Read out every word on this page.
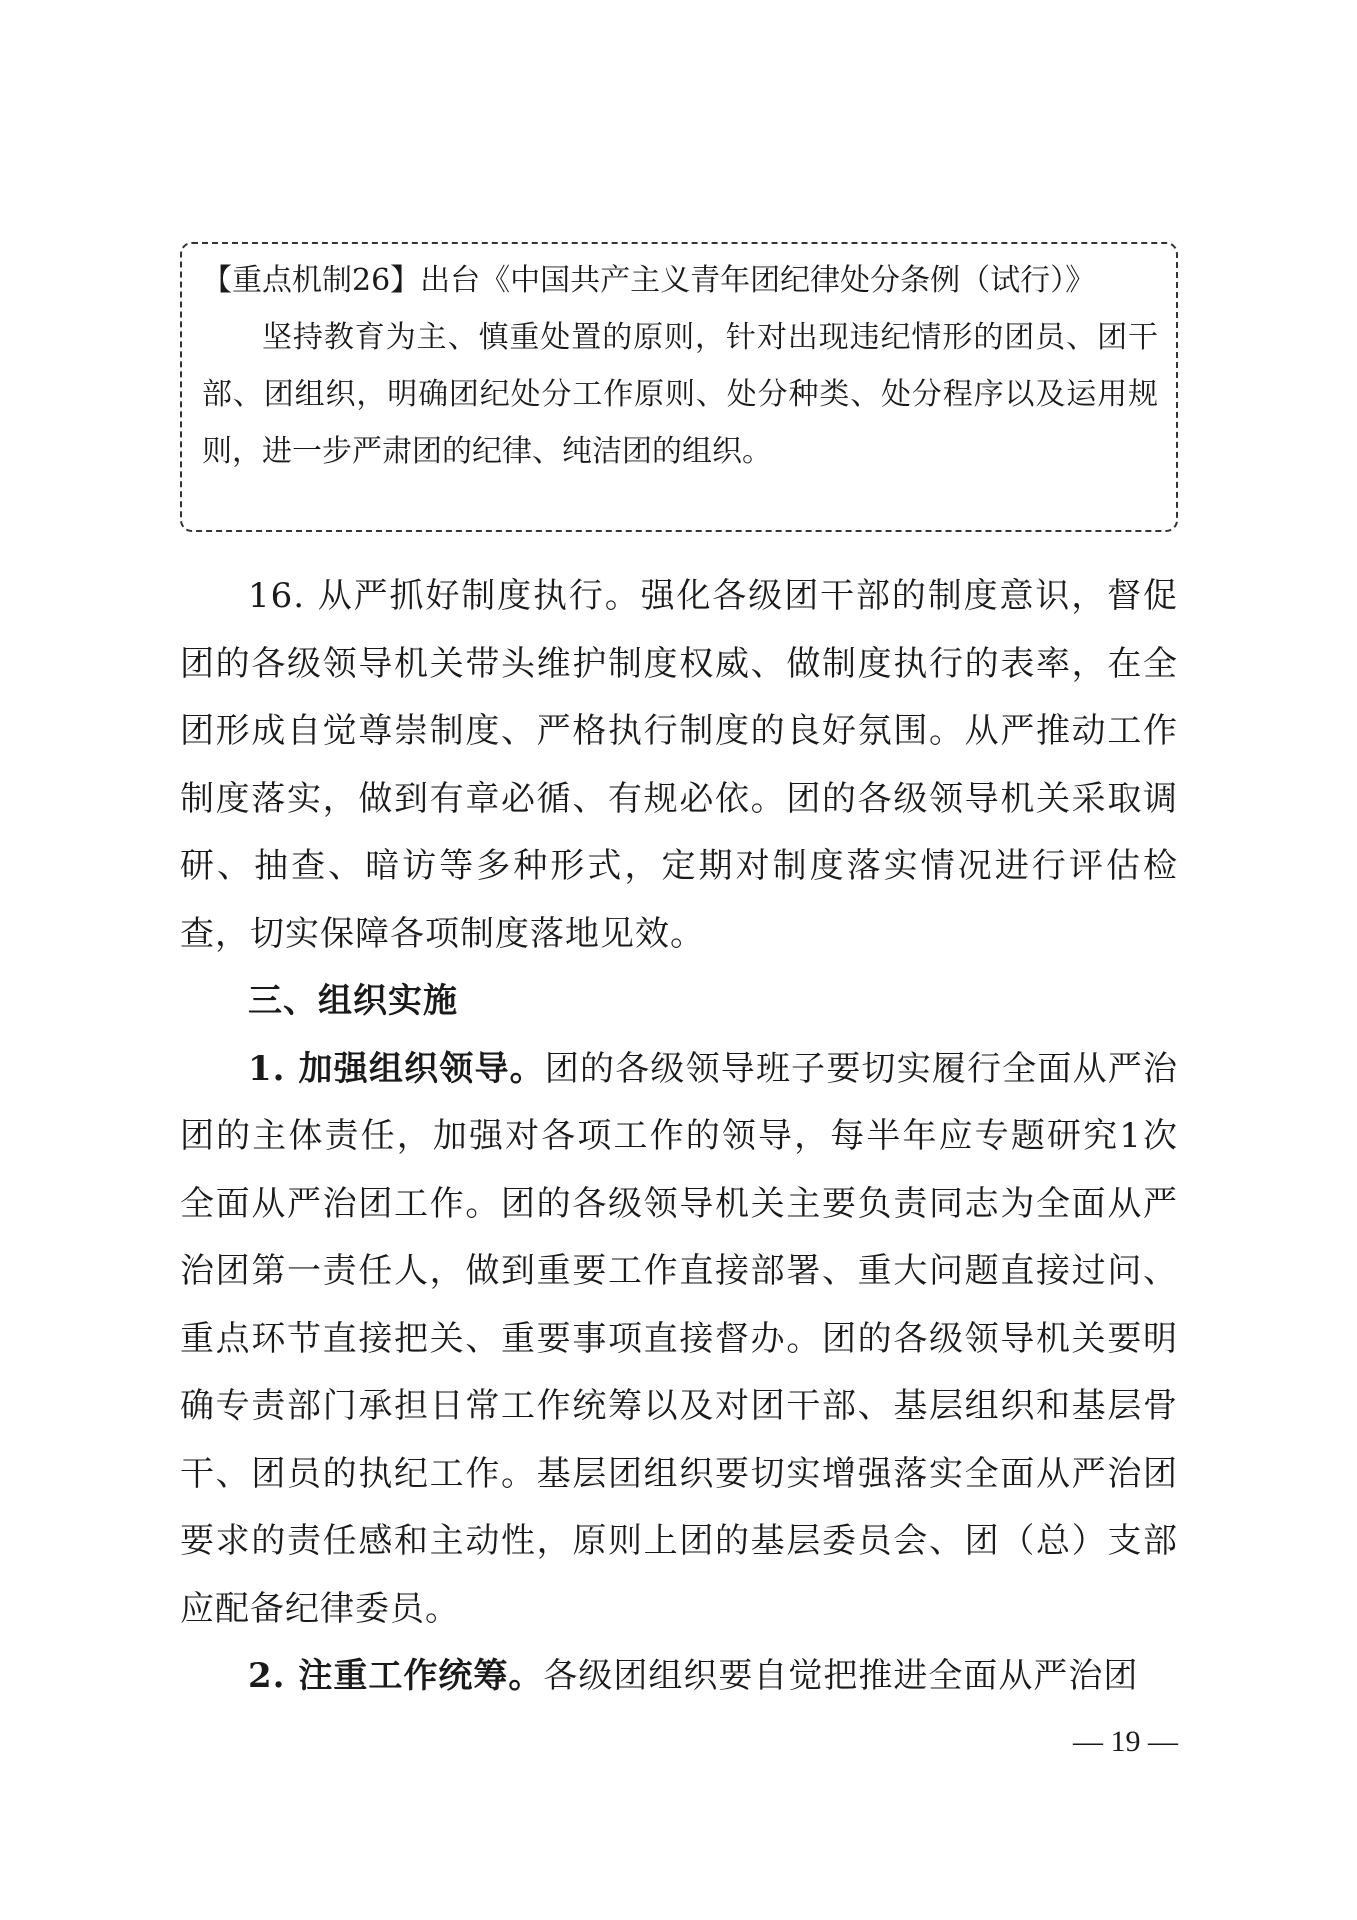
【重点机制26】出台《中国共产主义青年团纪律处分条例（试行）》

坚持教育为主、慎重处置的原则，针对出现违纪情形的团员、团干部、团组织，明确团纪处分工作原则、处分种类、处分程序以及运用规则，进一步严肃团的纪律、纯洁团的组织。

16. 从严抓好制度执行。强化各级团干部的制度意识，督促团的各级领导机关带头维护制度权威、做制度执行的表率，在全团形成自觉尊崇制度、严格执行制度的良好氛围。从严推动工作制度落实，做到有章必循、有规必依。团的各级领导机关采取调研、抽查、暗访等多种形式，定期对制度落实情况进行评估检查，切实保障各项制度落地见效。

三、组织实施

1. 加强组织领导。团的各级领导班子要切实履行全面从严治团的主体责任，加强对各项工作的领导，每半年应专题研究1次全面从严治团工作。团的各级领导机关主要负责同志为全面从严治团第一责任人，做到重要工作直接部署、重大问题直接过问、重点环节直接把关、重要事项直接督办。团的各级领导机关要明确专责部门承担日常工作统筹以及对团干部、基层组织和基层骨干、团员的执纪工作。基层团组织要切实增强落实全面从严治团要求的责任感和主动性，原则上团的基层委员会、团（总）支部应配备纪律委员。

2. 注重工作统筹。各级团组织要自觉把推进全面从严治团

— 19 —
